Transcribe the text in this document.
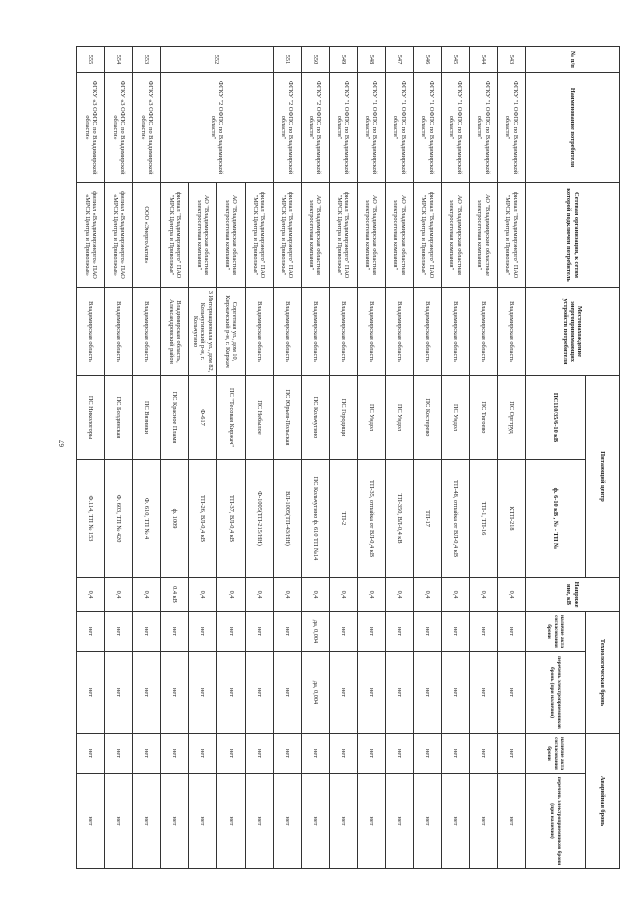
67
№ п/п	Наименование потребителя	Сетевая организация, к сетям которой подключен потребитель	Местонахождение энергопринимающих устройств потребителя	Питающий центр		Напряжение, кВ	Технологическая бронь		Аварийная бронь	
				ПС110/35/6-10 кВ	ф. 6-10 кВ , № - ТП №		наличие акта согласования брони	перечень электроприемников бронь (при наличии)	наличие акта согласования брони	перечень электроприемников брони (при наличии)
543	ФГКУ "1 ОФПС по Владимирской области"	филиал "Владимирэнерго" ПАО "МРСК Центра и Приволжья"	Владимирская область	ПС Оргтруд	КТП-218	0,4	нет	нет	нет	нет
544	ФГКУ "1 ОФПС по Владимирской области"	АО "Владимирские областные электросетевая компания"	Владимирская область	ПС Тигоево	ТП-1, ТП-16	0,4	нет	нет	нет	нет
545	ФГКУ "1 ОФПС по Владимирской области"	АО "Владимирская областная электросетевая компания"	Владимирская область	ПС Ундол	ТП-48, отпайка от ВЛ-0,4 кВ	0,4	нет	нет	нет	нет
546	ФГКУ "1 ОФПС по Владимирской области"	филиал "Владимирэнерго" ПАО "МРСК Центра и Приволжья"	Владимирская область	ПС Костерево	ТП-17	0,4	нет	нет	нет	нет
547	ФГКУ "1 ОФПС по Владимирской области"	АО "Владимирская областная электросетевая компания"	Владимирская область	ПС Ундол	ТП-350, ВЛ-0,4 кВ	0,4	нет	нет	нет	нет
548	ФГКУ "1 ОФПС по Владимирской области"	АО "Владимирская областная электросетевая компания"	Владимирская область	ПС Ундол	ТП-35, отпайка от ВЛ-0,4 кВ	0,4	нет	нет	нет	нет
549	ФГКУ "1 ОФПС по Владимирской области"	филиал "Владимирэнерго" ПАО "МРСК Центра и Приволжья"	Владимирская область	ПС Городищи	ТП-2	0,4	нет	нет	нет	нет
550	ФГКУ "2 ОФПС по Владимирской области"	АО "Владимирская областная электросетевая компания"	Владимирская область	ПС Кольчугино	ПС Кольчугино ф. 610 ТП №14	0,4	да, 0,004	да, 0,004	нет	нет
551	ФГКУ "2 ОФПС по Владимирской области"	филиал "Владимирэнерго" ПАО "МРСК Центра и Приволжья"	Владимирская область	ПС Юрьев-Польская	ВЛ-1005(ТП-43/НН)	0,4	нет	нет	нет	нет
552	ФГКУ "2 ОФПС по Владимирской области"	филиал "Владимирэнерго" ПАО "МРСК Центра и Приволжья"	Владимирская область	ПС Небылое	Ф-1005(ТП-215/НН)	0,4	нет	нет	нет	нет
		АО "Владимирская областная электросетевая компания"	Соргетная ул., дом 10, Киржачский р-н, г. Киржач	ПС "Тесовая Киржач"	ТП-37, ВЛ-0,4 кВ	0,4	нет	нет	нет	нет
		АО "Владимирская областная электросетевая компания"	3 Интернационала ул., дом 82, Кольчугинский р-н, г. Кольчугино	Ф-617	ТП-26, ВЛ-0,4 кВ	0,4	нет	нет	нет	нет
		филиал "Владимирэнерго" ПАО "МРСК Центра и Приволжья"	Владимирская область, Александровский район	ПС Красное Пламя	ф. 1009	0.4 кВ	нет	нет	нет	нет
553	ФГКУ «3 ОФПС по Владимирской области»	ООО «ЭнергоАктив»	Владимирская область	ПС Вязники	Ф. 610, ТП № 4	0,4	нет	нет	нет	нет
554	ФГКУ «3 ОФПС по Владимирской области»	филиал «Владимирэнерго» ПАО «МРСК Центра и Приволжья»	Владимирская область	ПС Болдинская	Ф. 603, ТП № 420	0,4	нет	нет	нет	нет
555	ФГКУ «3 ОФПС по Владимирской области»	филиал «Владимирэнерго» ПАО «МРСК Центра и Приволжья»	Владимирская область	ПС Никологоры	Ф.114, ТП № 153	0,4	нет	нет	нет	нет
